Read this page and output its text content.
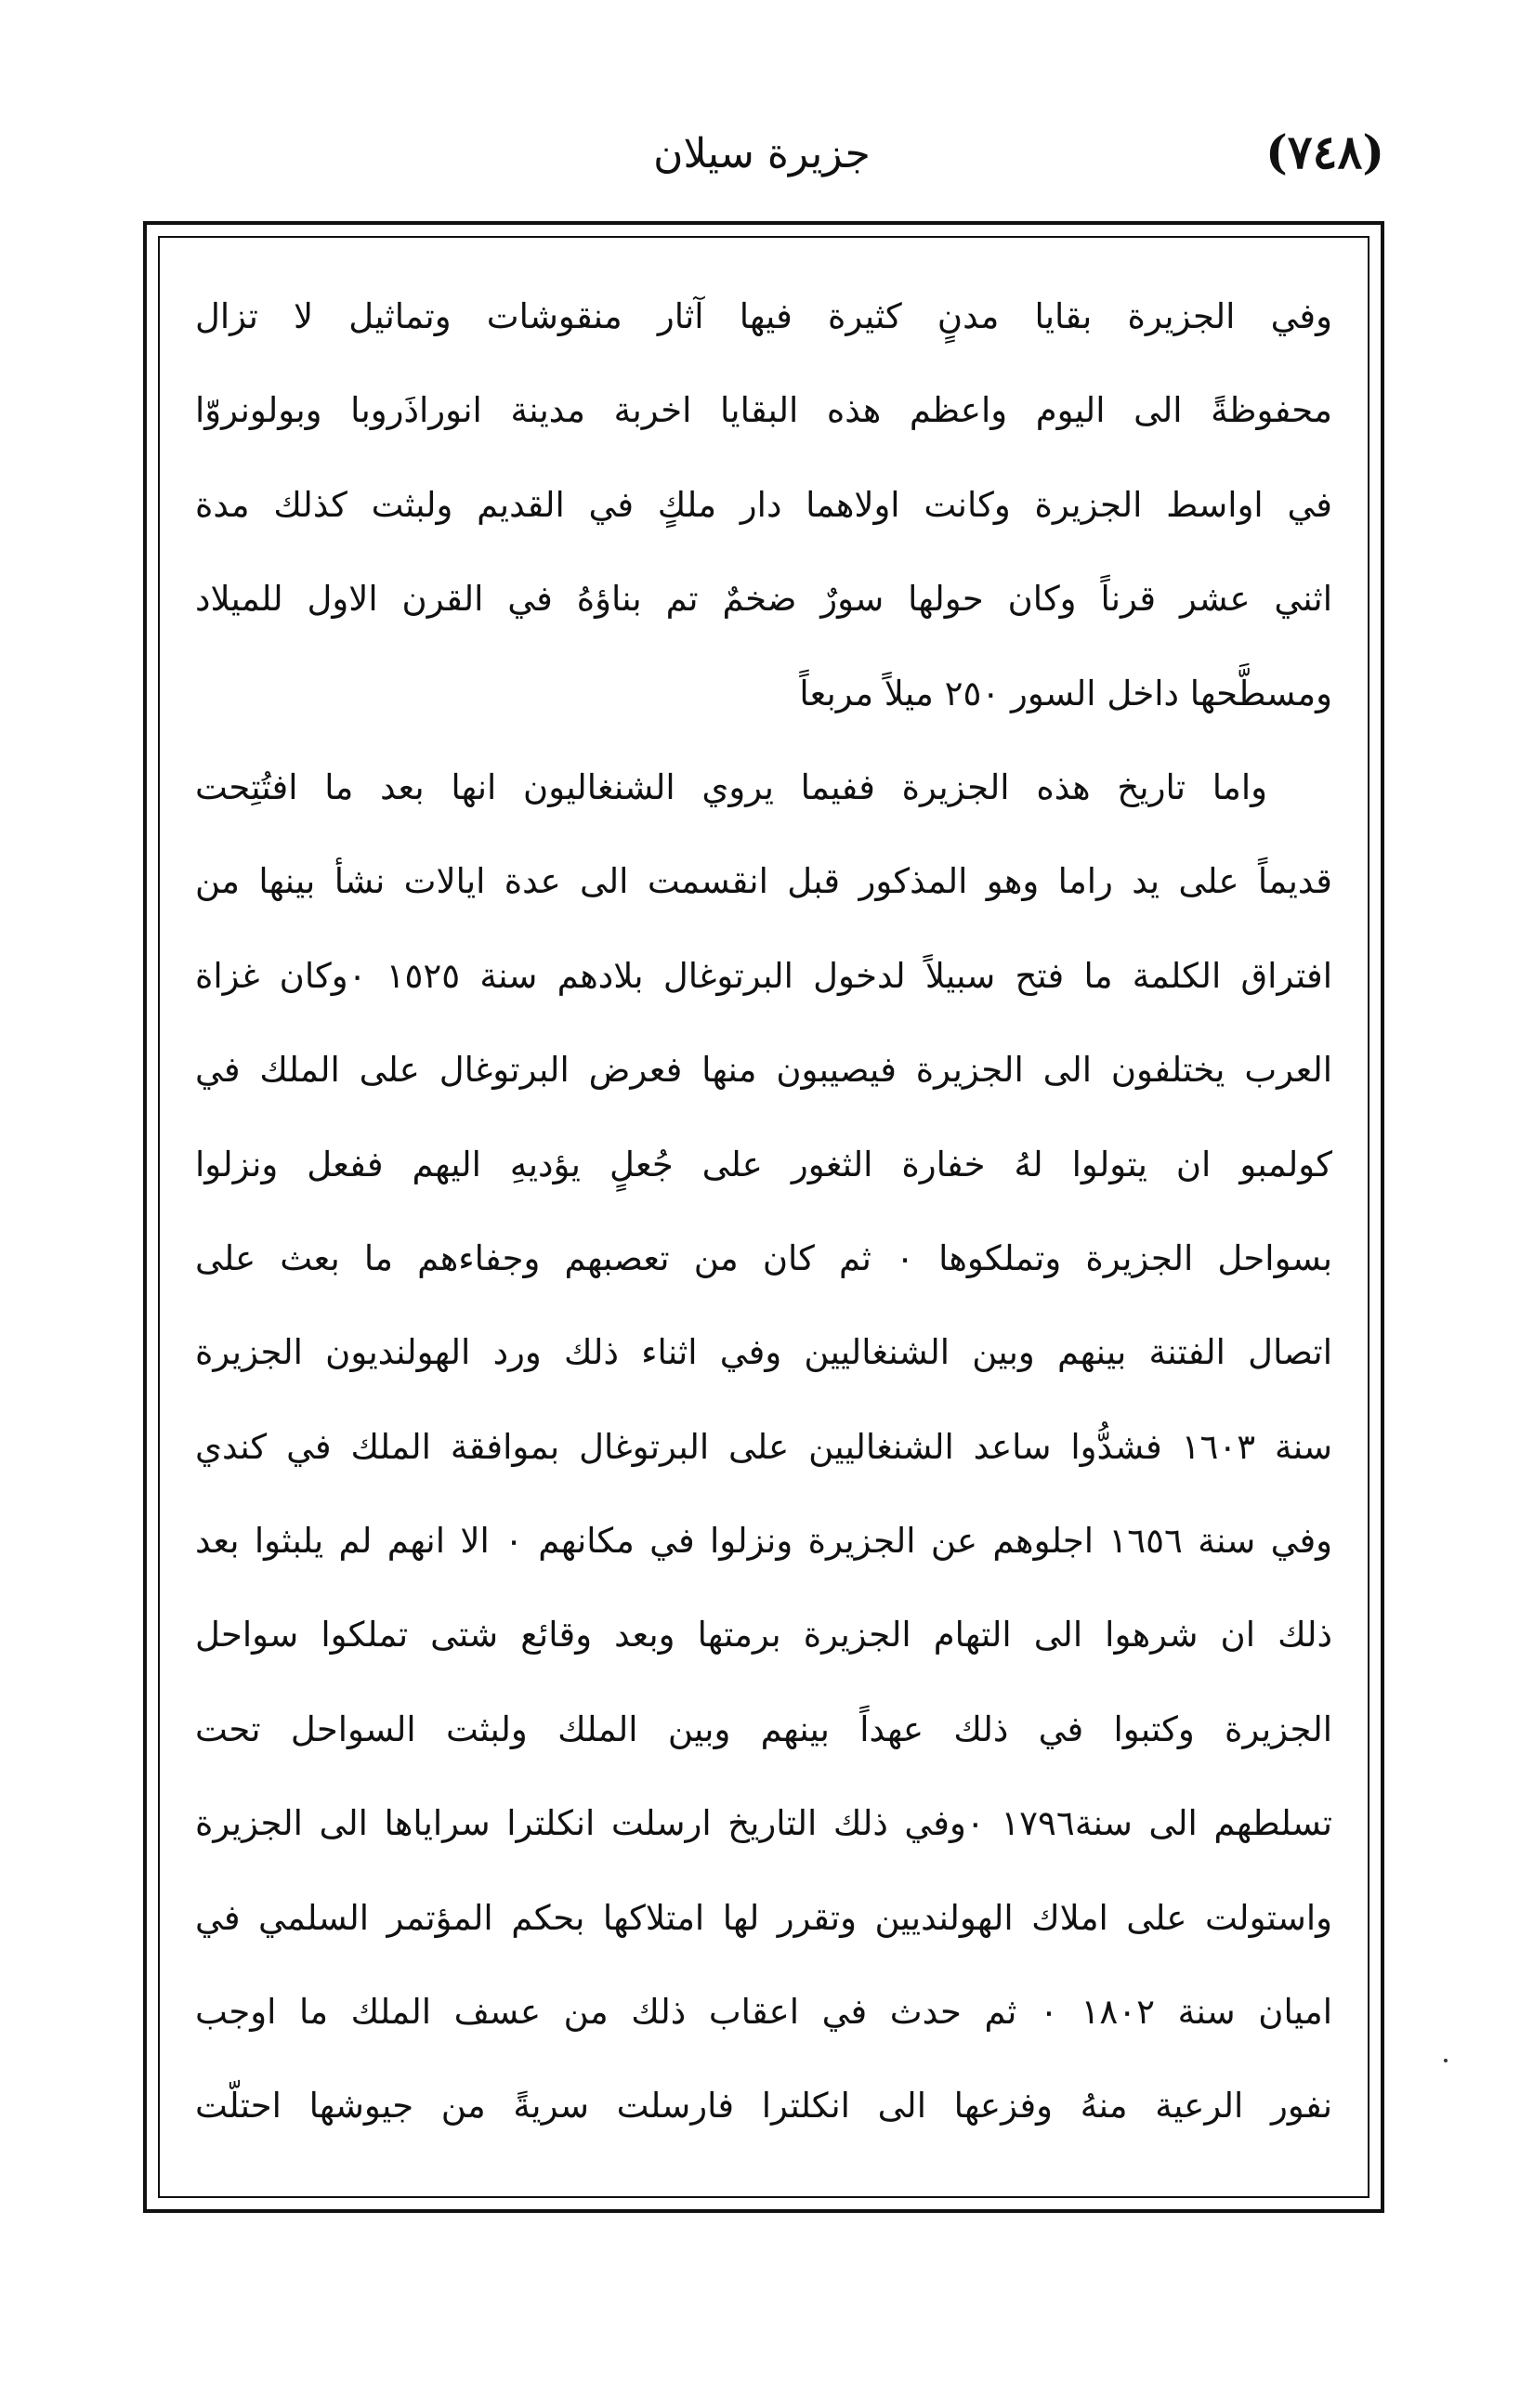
(٧٤٨)
جزيرة سيلان
وفي الجزيرة بقايا مدنٍ كثيرة فيها آثار منقوشات وتماثيل لا تزال
محفوظةً الى اليوم واعظم هذه البقايا اخربة مدينة انوراذَروبا وبولونروّا
في اواسط الجزيرة وكانت اولاهما دار ملكٍ في القديم ولبثت كذلك مدة
اثني عشر قرناً وكان حولها سورٌ ضخمٌ تم بناؤهُ في القرن الاول للميلاد
ومسطَّحها داخل السور ٢٥٠ ميلاً مربعاً
واما تاريخ هذه الجزيرة ففيما يروي الشنغاليون انها بعد ما افتُتِحت
قديماً على يد راما وهو المذكور قبل انقسمت الى عدة ايالات نشأ بينها من
افتراق الكلمة ما فتح سبيلاً لدخول البرتوغال بلادهم سنة ١٥٢٥ ٠وكان غزاة
العرب يختلفون الى الجزيرة فيصيبون منها فعرض البرتوغال على الملك في
كولمبو ان يتولوا لهُ خفارة الثغور على جُعلٍ يؤديهِ اليهم ففعل ونزلوا
بسواحل الجزيرة وتملكوها ٠ ثم كان من تعصبهم وجفاءهم ما بعث على
اتصال الفتنة بينهم وبين الشنغاليين وفي اثناء ذلك ورد الهولنديون الجزيرة
سنة ١٦٠٣ فشدُّوا ساعد الشنغاليين على البرتوغال بموافقة الملك في كندي
وفي سنة ١٦٥٦ اجلوهم عن الجزيرة ونزلوا في مكانهم ٠ الا انهم لم يلبثوا بعد
ذلك ان شرهوا الى التهام الجزيرة برمتها وبعد وقائع شتى تملكوا سواحل
الجزيرة وكتبوا في ذلك عهداً بينهم وبين الملك ولبثت السواحل تحت
تسلطهم الى سنة١٧٩٦ ٠وفي ذلك التاريخ ارسلت انكلترا سراياها الى الجزيرة
واستولت على املاك الهولنديين وتقرر لها امتلاكها بحكم المؤتمر السلمي في
اميان سنة ١٨٠٢ ٠ ثم حدث في اعقاب ذلك من عسف الملك ما اوجب
نفور الرعية منهُ وفزعها الى انكلترا فارسلت سريةً من جيوشها احتلّت
